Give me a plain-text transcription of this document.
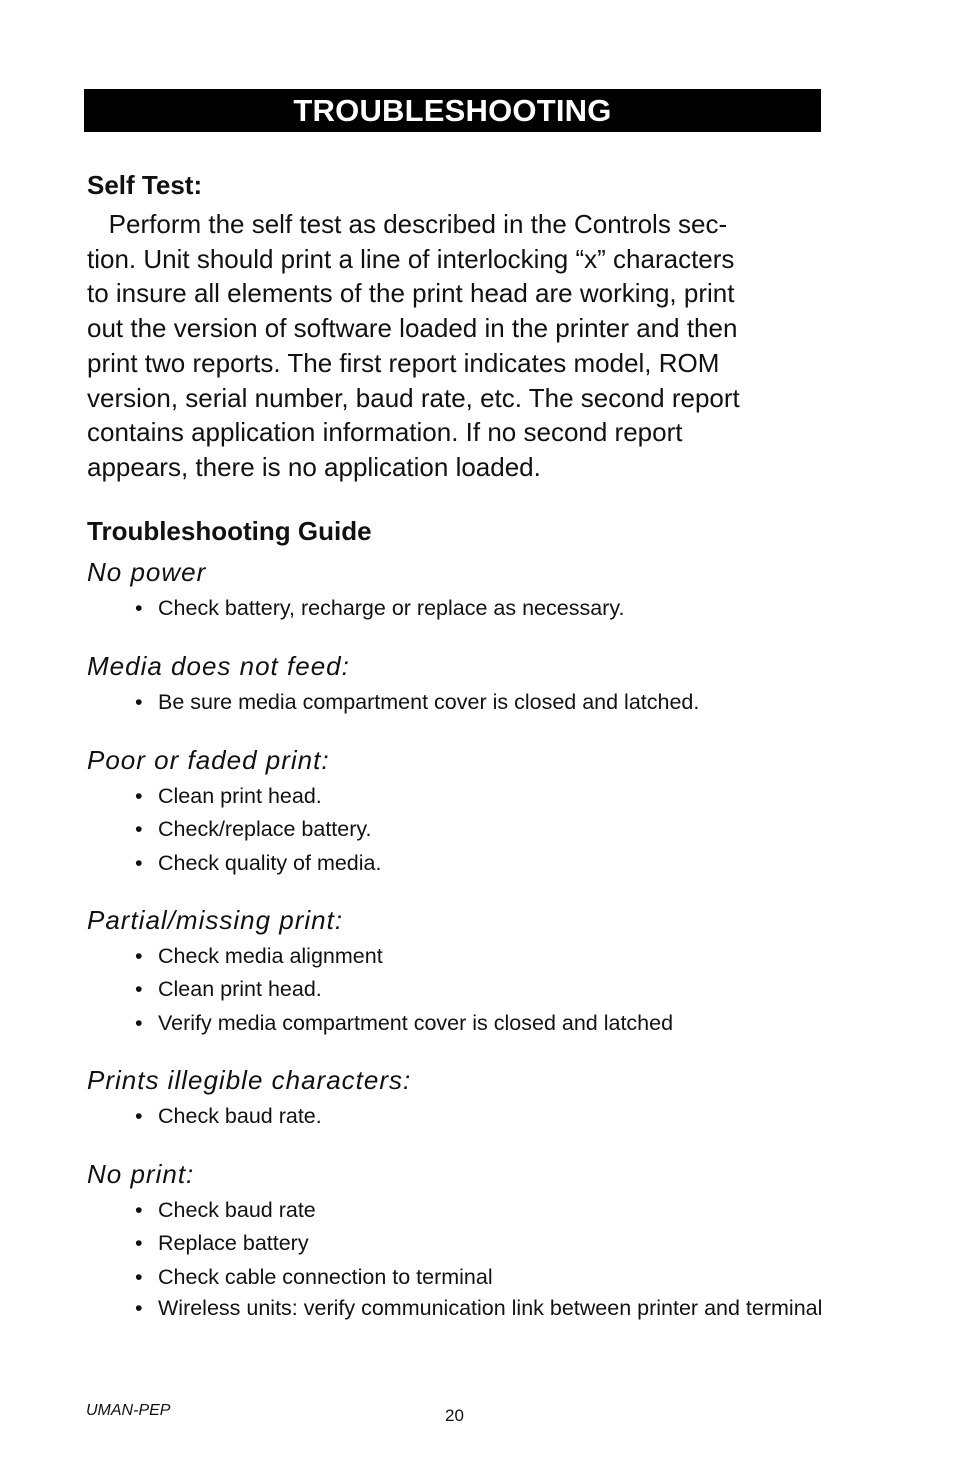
TROUBLESHOOTING
Self Test:
Perform the self test as described in the Controls sec-
tion. Unit should print a line of interlocking “x” characters
to insure all elements of the print head are working, print
out the version of software loaded in the printer and then
print two reports. The first report indicates model, ROM
version, serial number, baud rate, etc. The second report
contains application information. If no second report
appears, there is no application loaded.
Troubleshooting Guide
No power
• Check battery, recharge or replace as necessary.
Media does not feed:
• Be sure media compartment cover is closed and latched.
Poor or faded print:
• Clean print head.
• Check/replace battery.
• Check quality of media.
Partial/missing print:
• Check media alignment
• Clean print head.
• Verify media compartment cover is closed and latched
Prints illegible characters:
• Check baud rate.
No print:
• Check baud rate
• Replace battery
• Check cable connection to terminal
• Wireless units: verify communication link between printer and terminal
UMAN-PEP	20
